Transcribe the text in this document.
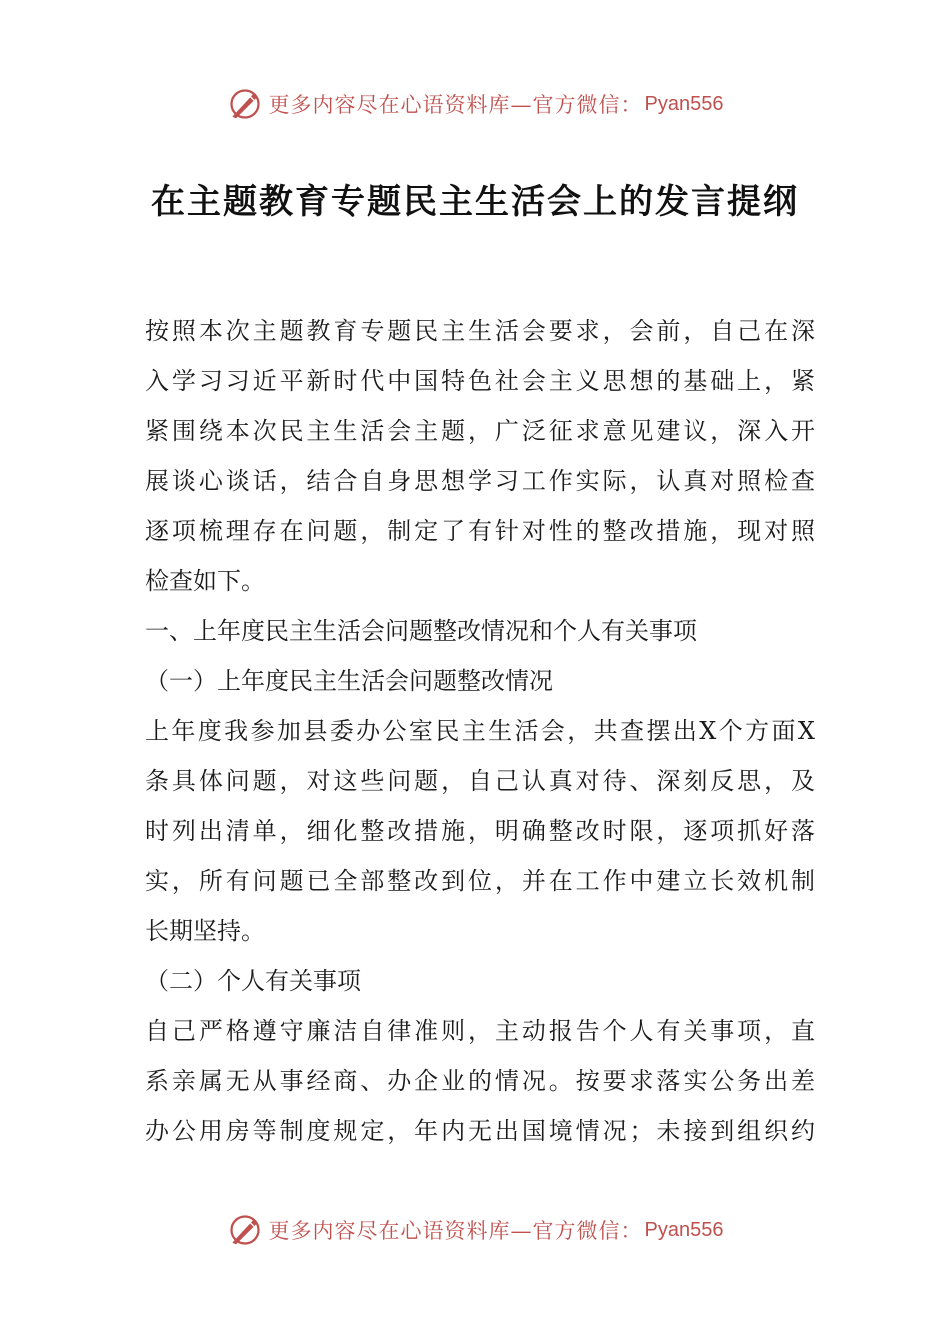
更多内容尽在心语资料库—官方微信： Pyan556
在主题教育专题民主生活会上的发言提纲
按照本次主题教育专题民主生活会要求，会前，自己在深
入学习习近平新时代中国特色社会主义思想的基础上，紧
紧围绕本次民主生活会主题，广泛征求意见建议，深入开
展谈心谈话，结合自身思想学习工作实际，认真对照检查
逐项梳理存在问题，制定了有针对性的整改措施，现对照
检查如下。
一、上年度民主生活会问题整改情况和个人有关事项
（一）上年度民主生活会问题整改情况
上年度我参加县委办公室民主生活会，共查摆出X个方面X
条具体问题，对这些问题，自己认真对待、深刻反思，及
时列出清单，细化整改措施，明确整改时限，逐项抓好落
实，所有问题已全部整改到位，并在工作中建立长效机制
长期坚持。
（二）个人有关事项
自己严格遵守廉洁自律准则，主动报告个人有关事项，直
系亲属无从事经商、办企业的情况。按要求落实公务出差
办公用房等制度规定，年内无出国境情况；未接到组织约
更多内容尽在心语资料库—官方微信： Pyan556
